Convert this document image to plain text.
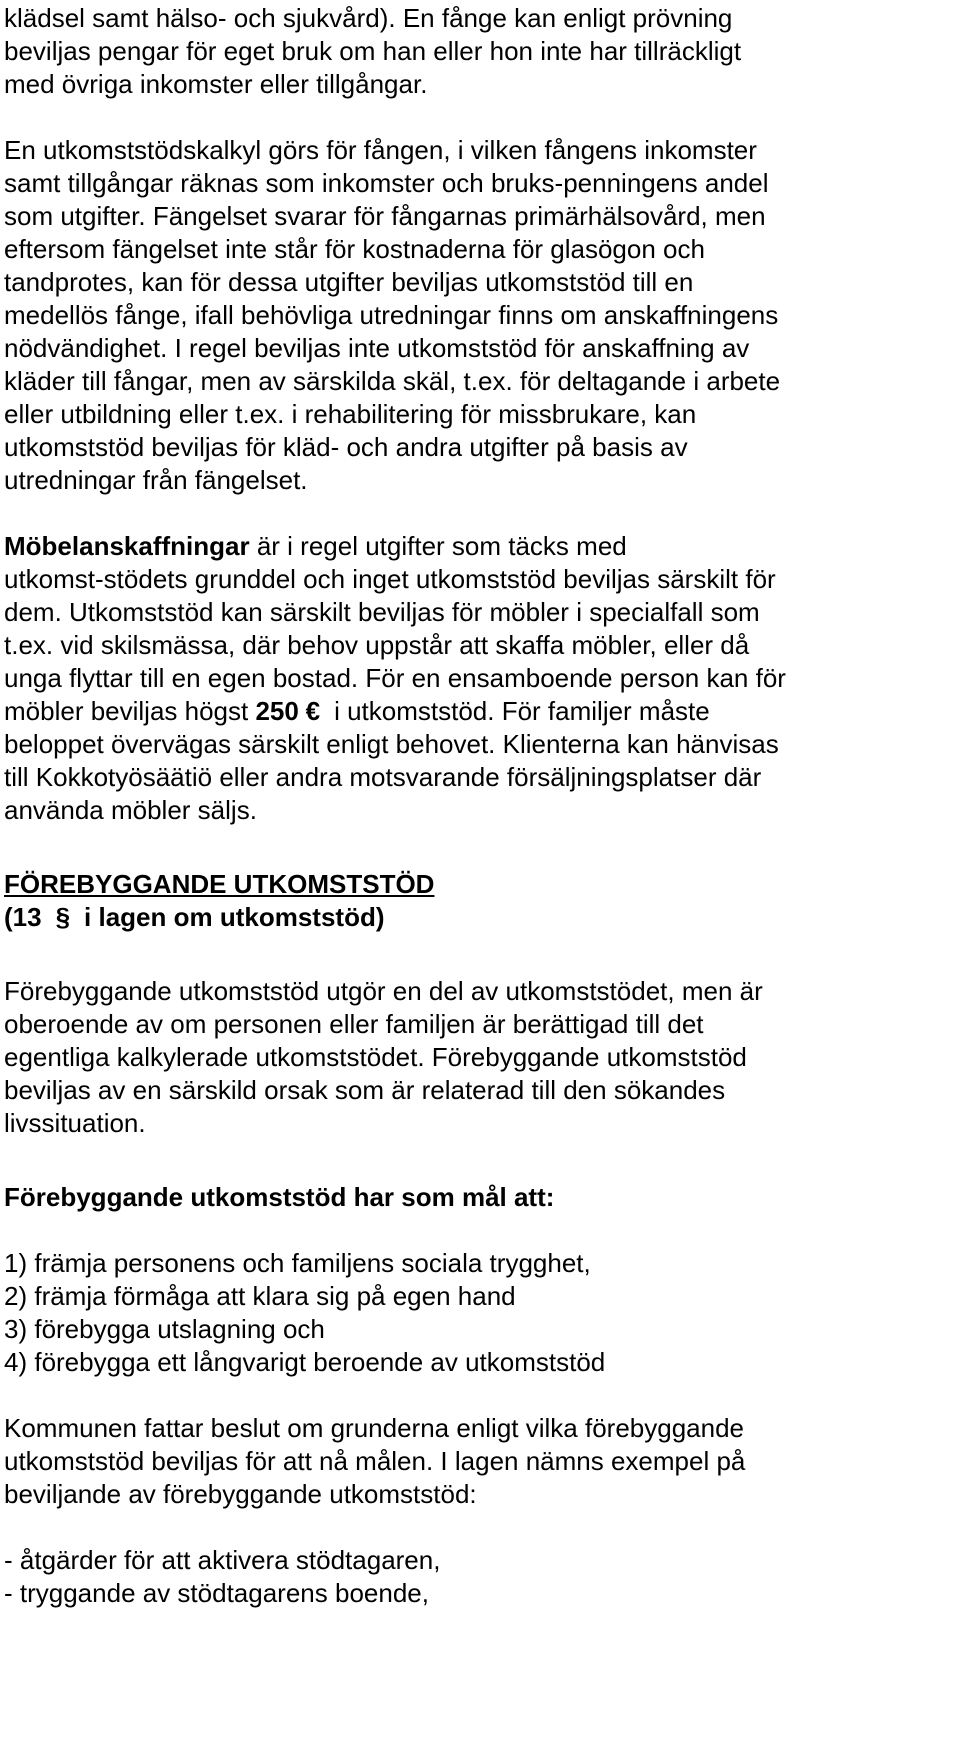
klädsel samt hälso- och sjukvård). En fånge kan enligt prövning
beviljas pengar för eget bruk om han eller hon inte har tillräckligt
med övriga inkomster eller tillgångar.
En utkomststödskalkyl görs för fången, i vilken fångens inkomster
samt tillgångar räknas som inkomster och bruks-penningens andel
som utgifter. Fängelset svarar för fångarnas primärhälsovård, men
eftersom fängelset inte står för kostnaderna för glasögon och
tandprotes, kan för dessa utgifter beviljas utkomststöd till en
medellös fånge, ifall behövliga utredningar finns om anskaffningens
nödvändighet. I regel beviljas inte utkomststöd för anskaffning av
kläder till fångar, men av särskilda skäl, t.ex. för deltagande i arbete
eller utbildning eller t.ex. i rehabilitering för missbrukare, kan
utkomststöd beviljas för kläd- och andra utgifter på basis av
utredningar från fängelset.
Möbelanskaffningar är i regel utgifter som täcks med
utkomst-stödets grunddel och inget utkomststöd beviljas särskilt för
dem. Utkomststöd kan särskilt beviljas för möbler i specialfall som
t.ex. vid skilsmässa, där behov uppstår att skaffa möbler, eller då
unga flyttar till en egen bostad. För en ensamboende person kan för
möbler beviljas högst 250 € i utkomststöd. För familjer måste
beloppet övervägas särskilt enligt behovet. Klienterna kan hänvisas
till Kokkotyösäätiö eller andra motsvarande försäljningsplatser där
använda möbler säljs.
FÖREBYGGANDE UTKOMSTSTÖD
(13 § i lagen om utkomststöd)
Förebyggande utkomststöd utgör en del av utkomststödet, men är
oberoende av om personen eller familjen är berättigad till det
egentliga kalkylerade utkomststödet. Förebyggande utkomststöd
beviljas av en särskild orsak som är relaterad till den sökandes
livssituation.
Förebyggande utkomststöd har som mål att:
1) främja personens och familjens sociala trygghet,
2) främja förmåga att klara sig på egen hand
3) förebygga utslagning och
4) förebygga ett långvarigt beroende av utkomststöd
Kommunen fattar beslut om grunderna enligt vilka förebyggande
utkomststöd beviljas för att nå målen. I lagen nämns exempel på
beviljande av förebyggande utkomststöd:
- åtgärder för att aktivera stödtagaren,
- tryggande av stödtagarens boende,
